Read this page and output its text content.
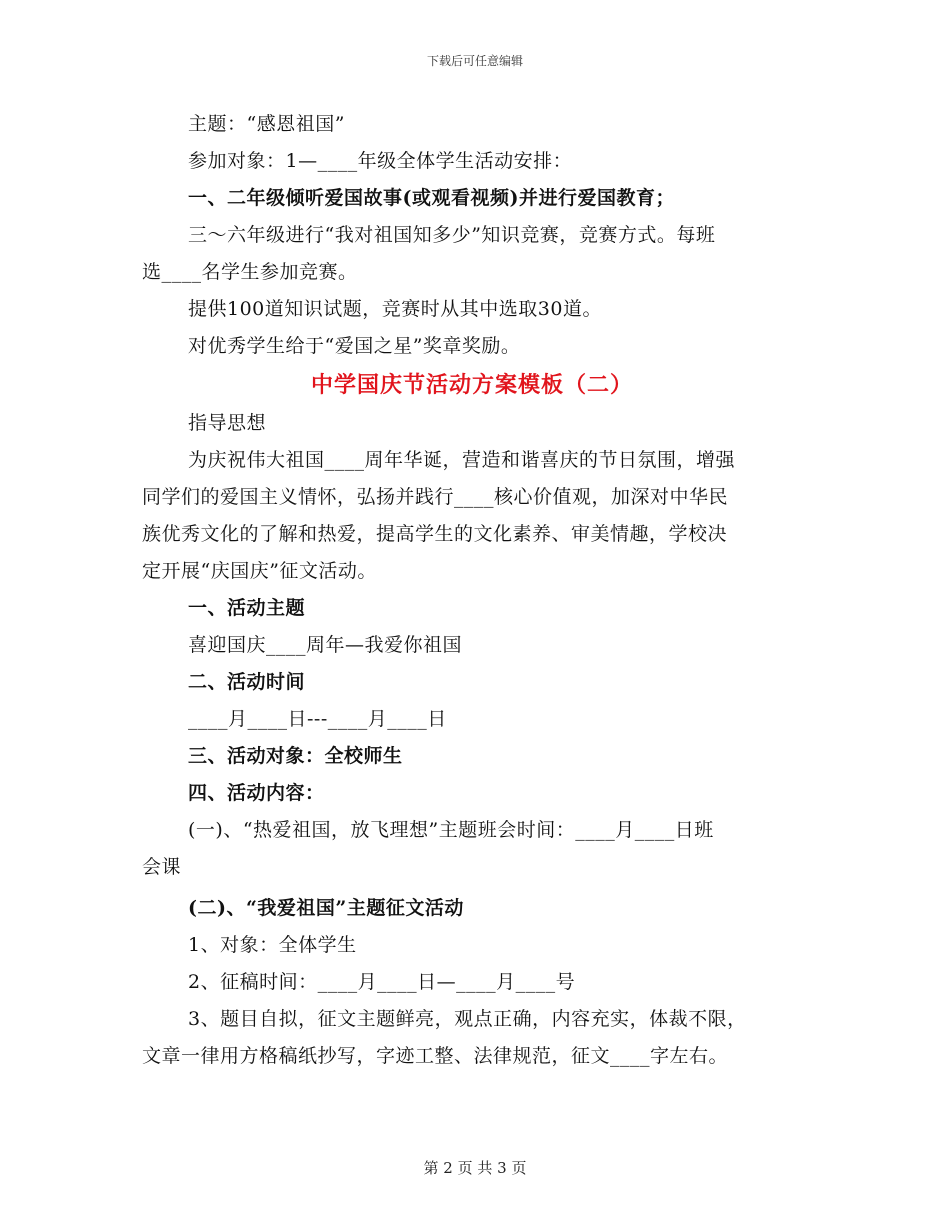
下载后可任意编辑
主题：“感恩祖国”
参加对象：1—____年级全体学生活动安排：
一、二年级倾听爱国故事(或观看视频)并进行爱国教育；
三～六年级进行“我对祖国知多少”知识竞赛，竞赛方式。每班
选____名学生参加竞赛。
提供100道知识试题，竞赛时从其中选取30道。
对优秀学生给于“爱国之星”奖章奖励。
中学国庆节活动方案模板（二）
指导思想
为庆祝伟大祖国____周年华诞，营造和谐喜庆的节日氛围，增强
同学们的爱国主义情怀，弘扬并践行____核心价值观，加深对中华民
族优秀文化的了解和热爱，提高学生的文化素养、审美情趣，学校决
定开展“庆国庆”征文活动。
一、活动主题
喜迎国庆____周年—我爱你祖国
二、活动时间
____月____日---____月____日
三、活动对象：全校师生
四、活动内容：
(一)、“热爱祖国，放飞理想”主题班会时间：____月____日班
会课
(二)、“我爱祖国”主题征文活动
1、对象：全体学生
2、征稿时间：____月____日—____月____号
3、题目自拟，征文主题鲜亮，观点正确，内容充实，体裁不限，
文章一律用方格稿纸抄写，字迹工整、法律规范，征文____字左右。
第 2 页 共 3 页
